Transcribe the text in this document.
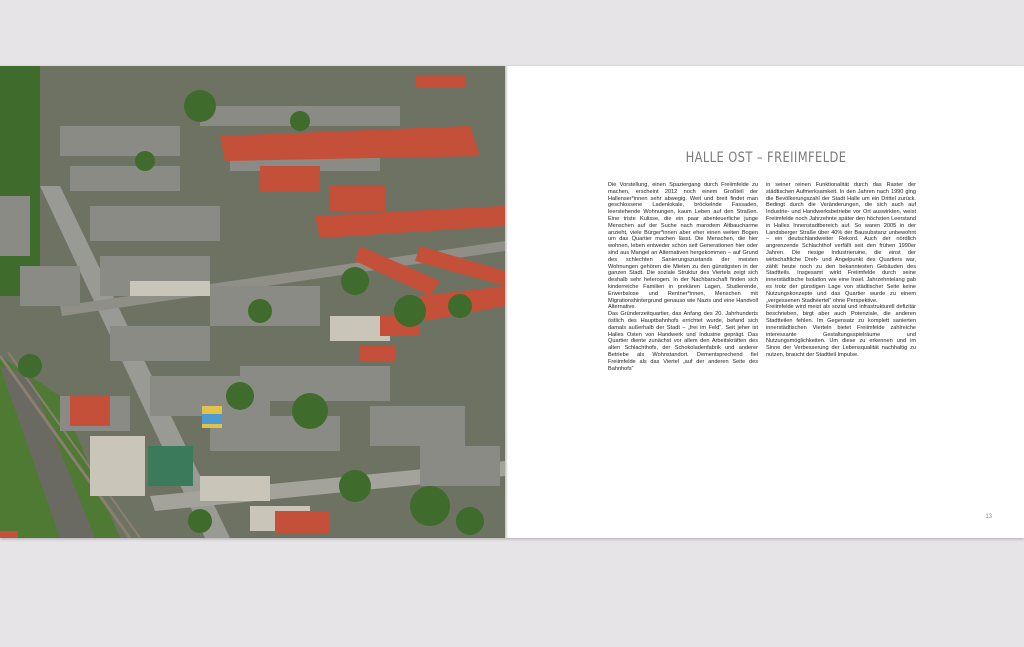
HALLE OST – FREIIMFELDE

Die Vorstellung, einen Spaziergang durch Freiimfelde zu machen, erscheint 2012 noch einem Großteil der Hallenser*innen sehr abwegig. Weit und breit findet man geschlossene Ladenlokale, bröckelnde Fassaden, leerstehende Wohnungen, kaum Leben auf den Straßen. Eine triste Kulisse, die ein paar abenteuerliche junge Menschen auf der Suche nach marodem Altbaucharme anzieht, viele Bürger*innen aber eher einen weiten Bogen um das Quartier machen lässt. Die Menschen, die hier wohnen, leben entweder schon seit Generationen hier oder sind aus Mangel an Alternativen hergekommen – auf Grund des schlechten Sanierungszustands der meisten Wohnungen gehören die Mieten zu den günstigsten in der ganzen Stadt. Die soziale Struktur des Viertels zeigt sich deshalb sehr heterogen. In der Nachbarschaft finden sich kinderreiche Familien in prekären Lagen, Studierende, Erwerbslose und Rentner*innen, Menschen mit Migrationshintergrund genauso wie Nazis und eine Handvoll Alternative.

Das Gründerzeitquartier, das Anfang des 20. Jahrhunderts östlich des Hauptbahnhofs errichtet wurde, befand sich damals außerhalb der Stadt – „frei im Feld“. Seit jeher ist Halles Osten von Handwerk und Industrie geprägt. Das Quartier diente zunächst vor allem den Arbeitskräften des alten Schlachthofs, der Schokoladenfabrik und anderer Betriebe als Wohnstandort. Dementsprechend fiel Freiimfelde als das Viertel „auf der anderen Seite des Bahnhofs“

in seiner reinen Funktionalität durch das Raster der städtischen Aufmerksamkeit. In den Jahren nach 1990 ging die Bevölkerungszahl der Stadt Halle um ein Drittel zurück. Bedingt durch die Veränderungen, die sich auch auf Industrie- und Handwerksbetriebe vor Ort auswirkten, weist Freiimfelde noch Jahrzehnte später den höchsten Leerstand in Halles Innenstadtbereich auf. So waren 2005 in der Landsberger Straße über 40% der Bausubstanz unbewohnt – ein deutschlandweiter Rekord. Auch der nördlich angrenzende Schlachthof verfällt seit den frühen 1990er Jahren. Die riesige Industrieruine, die einst der wirtschaftliche Dreh- und Angelpunkt des Quartiers war, zählt heute noch zu den bekanntesten Gebäuden des Stadtteils. Insgesamt wirkt Freiimfelde durch seine innerstädtische Isolation wie eine Insel. Jahrzehntelang gab es trotz der günstigen Lage von städtischer Seite keine Nutzungskonzepte und das Quartier wurde zu einem „vergessenen Stadtviertel“ ohne Perspektive.

Freiimfelde wird meist als sozial und infrastrukturell defizitär beschrieben, birgt aber auch Potenziale, die anderen Stadtteilen fehlen. Im Gegensatz zu komplett sanierten innerstädtischen Vierteln bietet Freiimfelde zahlreiche interessante Gestaltungsspielräume und Nutzungsmöglichkeiten. Um diese zu erkennen und im Sinne der Verbesserung der Lebensqualität nachhaltig zu nutzen, braucht der Stadtteil Impulse.

13
